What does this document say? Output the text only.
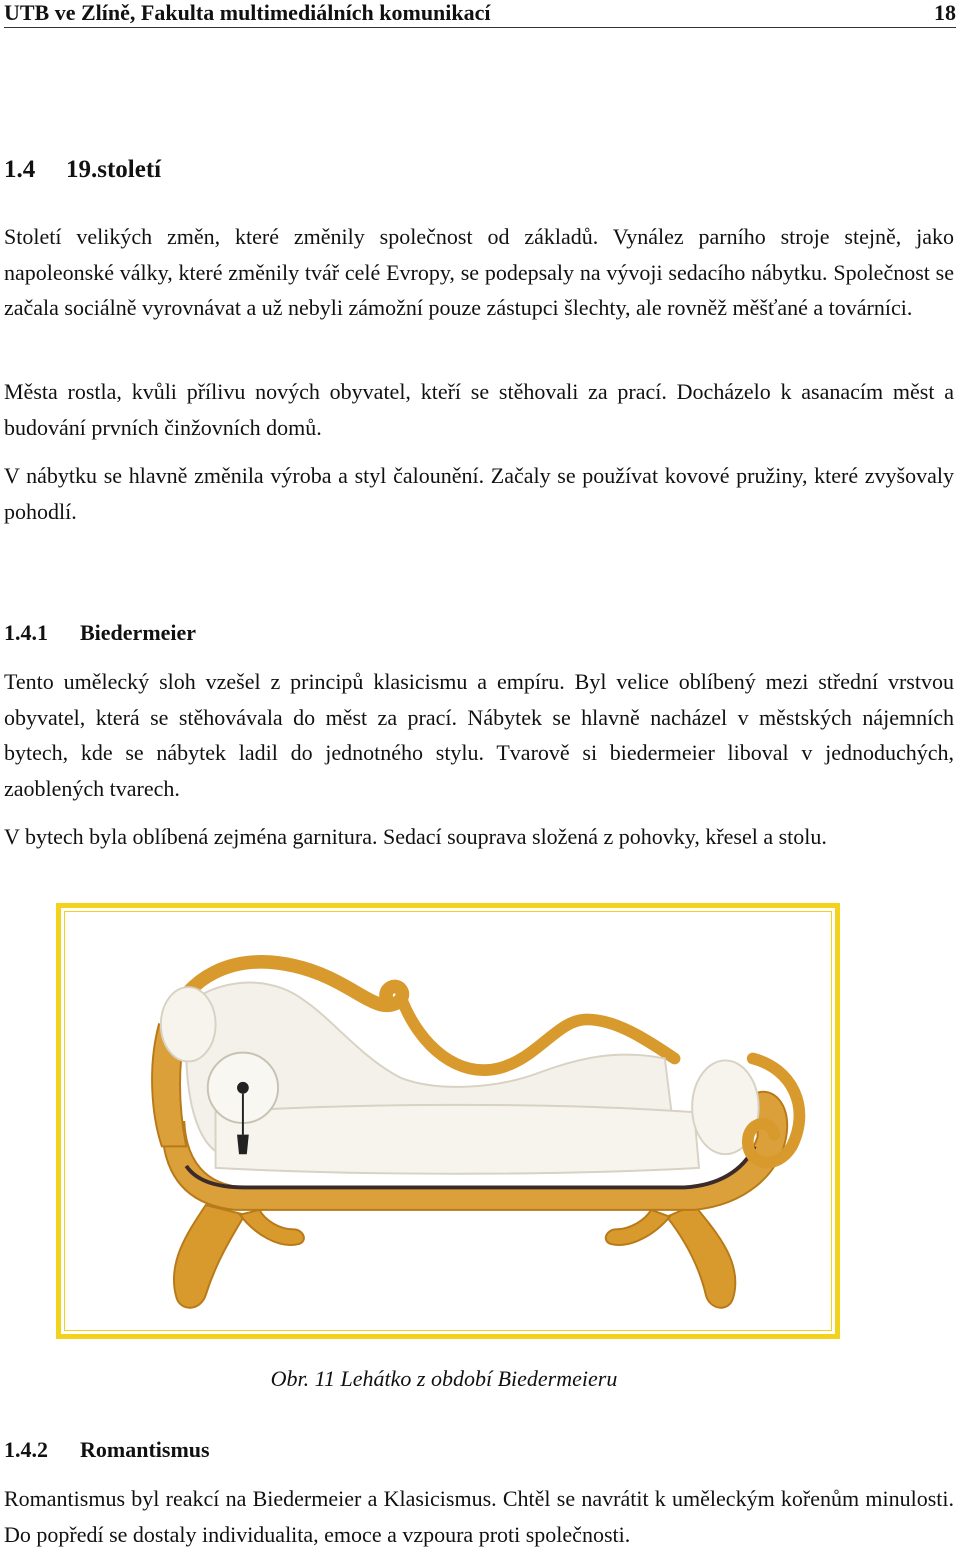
UTB ve Zlíně, Fakulta multimediálních komunikací	18
1.4 19.století

Století velikých změn, které změnily společnost od základů. Vynález parního stroje stejně, jako napoleonské války, které změnily tvář celé Evropy, se podepsaly na vývoji sedacího nábytku. Společnost se začala sociálně vyrovnávat a už nebyli zámožní pouze zástupci šlechty, ale rovněž měšťané a továrníci.

Města rostla, kvůli přílivu nových obyvatel, kteří se stěhovali za prací. Docházelo k asanacím měst a budování prvních činžovních domů.

V nábytku se hlavně změnila výroba a styl čalounění. Začaly se používat kovové pružiny, které zvyšovaly pohodlí.

1.4.1 Biedermeier

Tento umělecký sloh vzešel z principů klasicismu a empíru. Byl velice oblíbený mezi střední vrstvou obyvatel, která se stěhovávala do měst za prací. Nábytek se hlavně nacházel v městských nájemních bytech, kde se nábytek ladil do jednotného stylu. Tvarově si biedermeier liboval v jednoduchých, zaoblených tvarech.

V bytech byla oblíbená zejména garnitura. Sedací souprava složená z pohovky, křesel a stolu.

Obr. 11 Lehátko z období Biedermeieru
1.4.2 Romantismus

Romantismus byl reakcí na Biedermeier a Klasicismus. Chtěl se navrátit k uměleckým kořenům minulosti. Do popředí se dostaly individualita, emoce a vzpoura proti společnosti.
